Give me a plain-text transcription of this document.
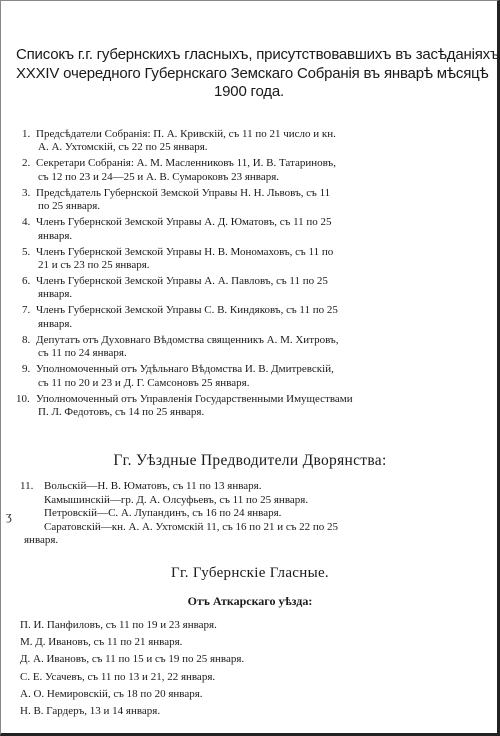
Списокъ г.г. губернскихъ гласныхъ, присутствовавшихъ въ засѣданіяхъ
XXXIV очередного Губернскаго Земскаго Собранія въ январѣ мѣсяцѣ
1900 года.
1. Предсѣдатели Собранія: П. А. Кривскій, съ 11 по 21 число и кн.
А. А. Ухтомскій, съ 22 по 25 января.
2. Секретари Собранія: А. М. Масленниковъ 11, И. В. Татариновъ,
съ 12 по 23 и 24—25 и А. В. Сумароковъ 23 января.
3. Предсѣдатель Губернской Земской Управы Н. Н. Львовъ, съ 11
по 25 января.
4. Членъ Губернской Земской Управы А. Д. Юматовъ, съ 11 по 25
января.
5. Членъ Губернской Земской Управы Н. В. Мономаховъ, съ 11 по
21 и съ 23 по 25 января.
6. Членъ Губернской Земской Управы А. А. Павловъ, съ 11 по 25
января.
7. Членъ Губернской Земской Управы С. В. Киндяковъ, съ 11 по 25
января.
8. Депутатъ отъ Духовнаго Вѣдомства священникъ А. М. Хитровъ,
съ 11 по 24 января.
9. Уполномоченный отъ Удѣльнаго Вѣдомства И. В. Дмитревскій,
съ 11 по 20 и 23 и Д. Г. Самсоновъ 25 января.
10. Уполномоченный отъ Управленія Государственными Имуществами
П. Л. Федотовъ, съ 14 по 25 января.
Гг. Уѣздные Предводители Дворянства:
ʒ
11. Вольскій—Н. В. Юматовъ, съ 11 по 13 января.
Камышинскій—гр. Д. А. Олсуфьевъ, съ 11 по 25 января.
Петровскій—С. А. Лупандинъ, съ 16 по 24 января.
Саратовскій—кн. А. А. Ухтомскій 11, съ 16 по 21 и съ 22 по 25
января.
Гг. Губернскіе Гласные.
Отъ Аткарскаго уѣзда:
П. И. Панфиловъ, съ 11 по 19 и 23 января.
М. Д. Ивановъ, съ 11 по 21 января.
Д. А. Ивановъ, съ 11 по 15 и съ 19 по 25 января.
С. Е. Усачевъ, съ 11 по 13 и 21, 22 января.
А. О. Немировскій, съ 18 по 20 января.
Н. В. Гардеръ, 13 и 14 января.
